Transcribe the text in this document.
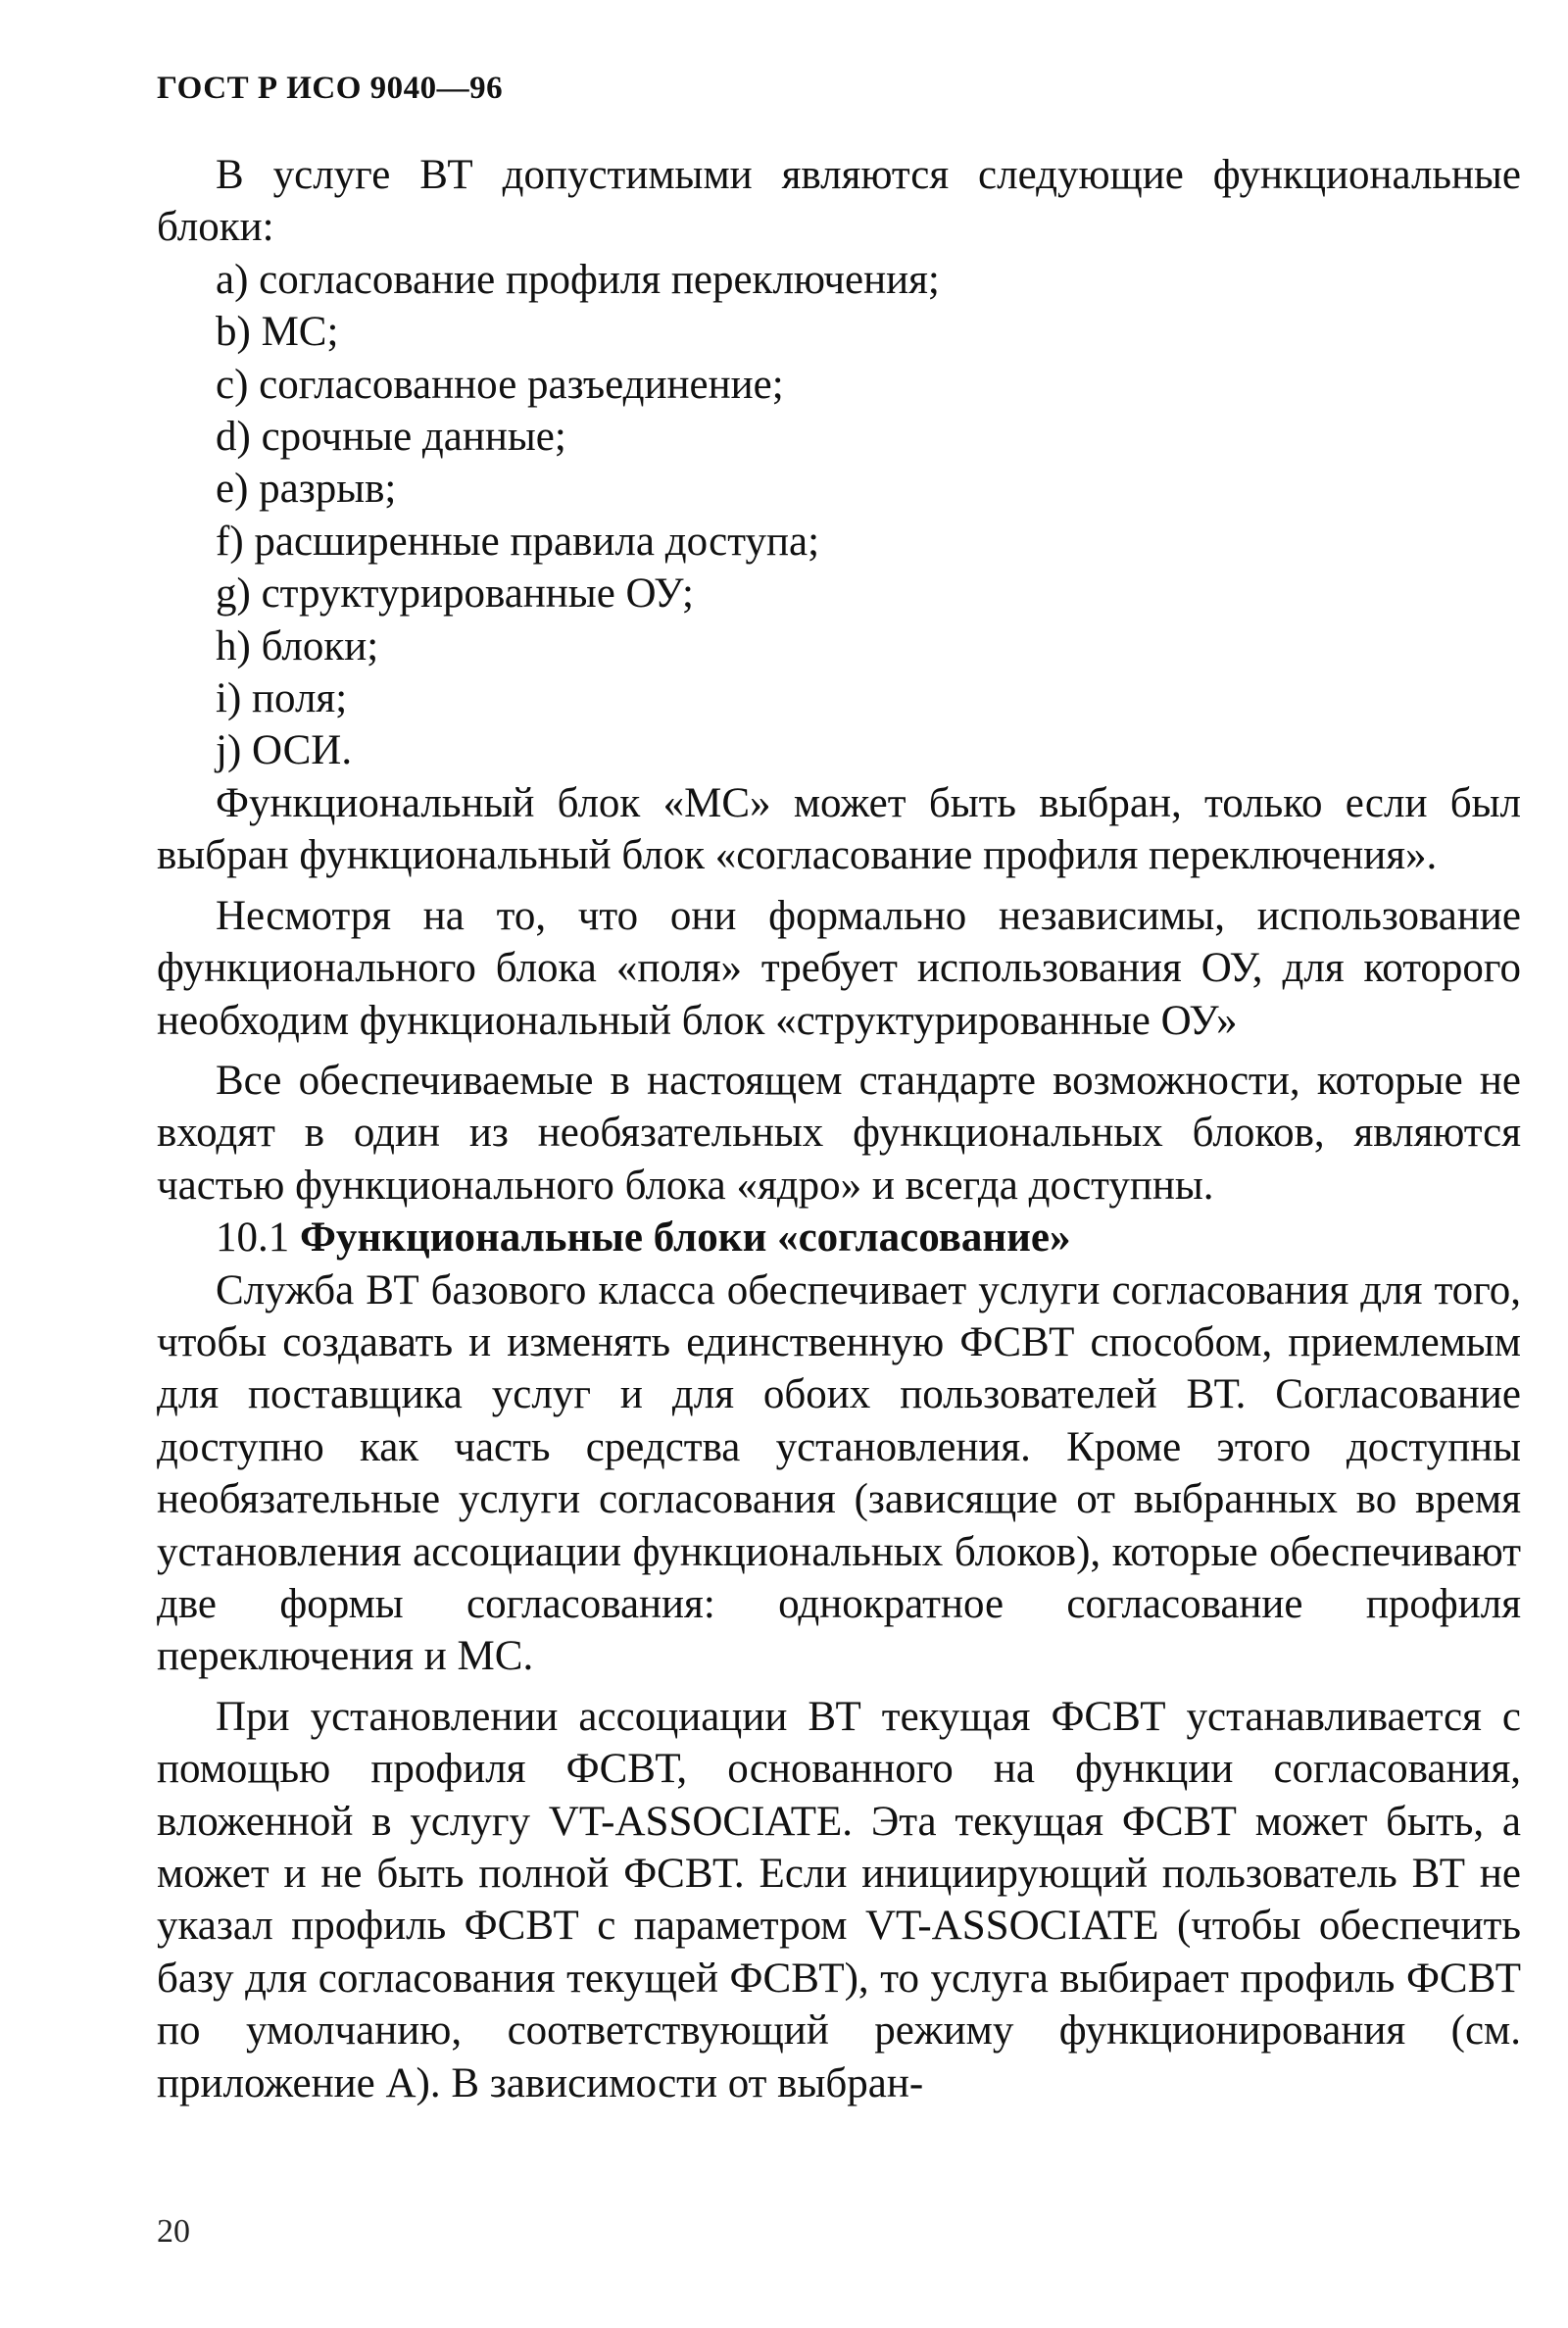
ГОСТ Р ИСО 9040—96

В услуге ВТ допустимыми являются следующие функциональные блоки:

а) согласование профиля переключения;
b) МС;
с) согласованное разъединение;
d) срочные данные;
е) разрыв;
f) расширенные правила доступа;
g) структурированные ОУ;
h) блоки;
i) поля;
j) ОСИ.

Функциональный блок «МС» может быть выбран, только если был выбран функциональный блок «согласование профиля переключения».

Несмотря на то, что они формально независимы, использование функционального блока «поля» требует использования ОУ, для которого необходим функциональный блок «структурированные ОУ»

Все обеспечиваемые в настоящем стандарте возможности, которые не входят в один из необязательных функциональных блоков, являются частью функционального блока «ядро» и всегда доступны.

10.1 Функциональные блоки «согласование»

Служба ВТ базового класса обеспечивает услуги согласования для того, чтобы создавать и изменять единственную ФСВТ способом, приемлемым для поставщика услуг и для обоих пользователей ВТ. Согласование доступно как часть средства установления. Кроме этого доступны необязательные услуги согласования (зависящие от выбранных во время установления ассоциации функциональных блоков), которые обеспечивают две формы согласования: однократное согласование профиля переключения и МС.

При установлении ассоциации ВТ текущая ФСВТ устанавливается с помощью профиля ФСВТ, основанного на функции согласования, вложенной в услугу VT-ASSOCIATE. Эта текущая ФСВТ может быть, а может и не быть полной ФСВТ. Если инициирующий пользователь ВТ не указал профиль ФСВТ с параметром VT-ASSOCIATE (чтобы обеспечить базу для согласования текущей ФСВТ), то услуга выбирает профиль ФСВТ по умолчанию, соответствующий режиму функционирования (см. приложение А). В зависимости от выбран-

20
